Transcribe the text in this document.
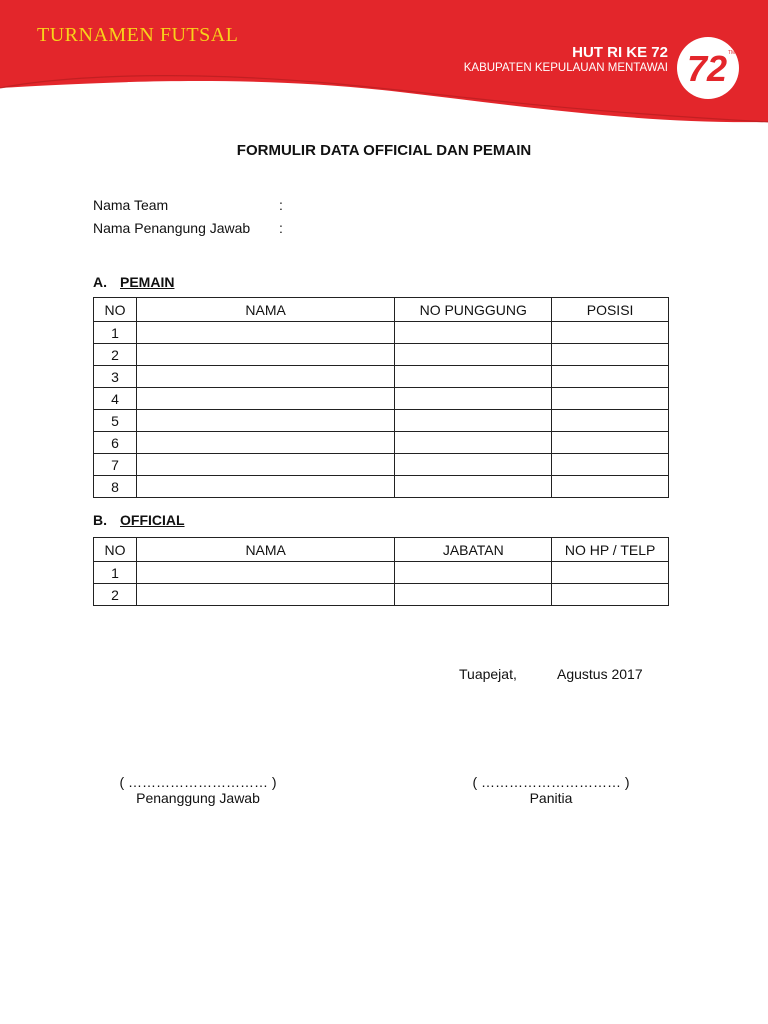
TURNAMEN FUTSAL
HUT RI KE 72
KABUPATEN KEPULAUAN MENTAWAI 72 TM
FORMULIR DATA OFFICIAL DAN PEMAIN
Nama Team	:
Nama Penangung Jawab :
A. PEMAIN
NO	NAMA	NO PUNGGUNG	POSISI
1			
2			
3			
4			
5			
6			
7			
8			
B. OFFICIAL
NO	NAMA	JABATAN	NO HP / TELP
1			
2			
Tuapejat,	Agustus 2017
( ………………………… )
Penanggung Jawab
( ………………………… )
Panitia
